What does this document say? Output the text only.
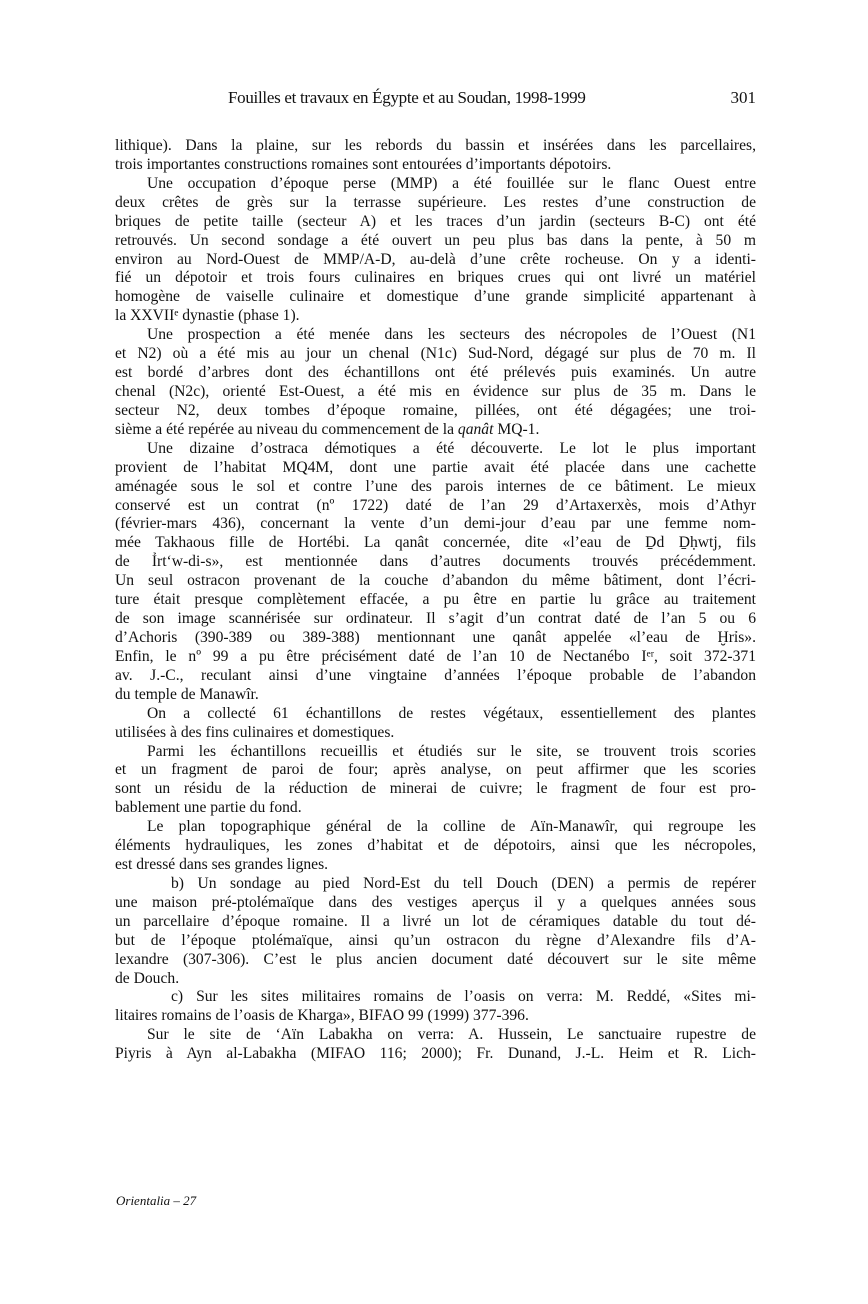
Fouilles et travaux en Égypte et au Soudan, 1998-1999	301
lithique). Dans la plaine, sur les rebords du bassin et insérées dans les parcellaires,
trois importantes constructions romaines sont entourées d’importants dépotoirs.
Une occupation d’époque perse (MMP) a été fouillée sur le flanc Ouest entre
deux crêtes de grès sur la terrasse supérieure. Les restes d’une construction de
briques de petite taille (secteur A) et les traces d’un jardin (secteurs B-C) ont été
retrouvés. Un second sondage a été ouvert un peu plus bas dans la pente, à 50 m
environ au Nord-Ouest de MMP/A-D, au-delà d’une crête rocheuse. On y a identi-
fié un dépotoir et trois fours culinaires en briques crues qui ont livré un matériel
homogène de vaiselle culinaire et domestique d’une grande simplicité appartenant à
la XXVIIᵉ dynastie (phase 1).
Une prospection a été menée dans les secteurs des nécropoles de l’Ouest (N1
et N2) où a été mis au jour un chenal (N1c) Sud-Nord, dégagé sur plus de 70 m. Il
est bordé d’arbres dont des échantillons ont été prélevés puis examinés. Un autre
chenal (N2c), orienté Est-Ouest, a été mis en évidence sur plus de 35 m. Dans le
secteur N2, deux tombes d’époque romaine, pillées, ont été dégagées; une troi-
sième a été repérée au niveau du commencement de la qanât MQ-1.
Une dizaine d’ostraca démotiques a été découverte. Le lot le plus important
provient de l’habitat MQ4M, dont une partie avait été placée dans une cachette
aménagée sous le sol et contre l’une des parois internes de ce bâtiment. Le mieux
conservé est un contrat (nº 1722) daté de l’an 29 d’Artaxerxès, mois d’Athyr
(février-mars 436), concernant la vente d’un demi-jour d’eau par une femme nom-
mée Takhaous fille de Hortébi. La qanât concernée, dite «l’eau de Ḏd Ḏḥwtj, fils
de Ỉrt‘w-di-s», est mentionnée dans d’autres documents trouvés précédemment.
Un seul ostracon provenant de la couche d’abandon du même bâtiment, dont l’écri-
ture était presque complètement effacée, a pu être en partie lu grâce au traitement
de son image scannérisée sur ordinateur. Il s’agit d’un contrat daté de l’an 5 ou 6
d’Achoris (390-389 ou 389-388) mentionnant une qanât appelée «l’eau de Ḫrỉs».
Enfin, le nº 99 a pu être précisément daté de l’an 10 de Nectanébo Iᵉʳ, soit 372-371
av. J.-C., reculant ainsi d’une vingtaine d’années l’époque probable de l’abandon
du temple de Manawîr.
On a collecté 61 échantillons de restes végétaux, essentiellement des plantes
utilisées à des fins culinaires et domestiques.
Parmi les échantillons recueillis et étudiés sur le site, se trouvent trois scories
et un fragment de paroi de four; après analyse, on peut affirmer que les scories
sont un résidu de la réduction de minerai de cuivre; le fragment de four est pro-
bablement une partie du fond.
Le plan topographique général de la colline de Aïn-Manawîr, qui regroupe les
éléments hydrauliques, les zones d’habitat et de dépotoirs, ainsi que les nécropoles,
est dressé dans ses grandes lignes.
b) Un sondage au pied Nord-Est du tell Douch (DEN) a permis de repérer
une maison pré-ptolémaïque dans des vestiges aperçus il y a quelques années sous
un parcellaire d’époque romaine. Il a livré un lot de céramiques datable du tout dé-
but de l’époque ptolémaïque, ainsi qu’un ostracon du règne d’Alexandre fils d’A-
lexandre (307-306). C’est le plus ancien document daté découvert sur le site même
de Douch.
c) Sur les sites militaires romains de l’oasis on verra: M. Reddé, «Sites mi-
litaires romains de l’oasis de Kharga», BIFAO 99 (1999) 377-396.
Sur le site de ‘Aïn Labakha on verra: A. Hussein, Le sanctuaire rupestre de
Piyris à Ayn al-Labakha (MIFAO 116; 2000); Fr. Dunand, J.-L. Heim et R. Lich-
Orientalia – 27
